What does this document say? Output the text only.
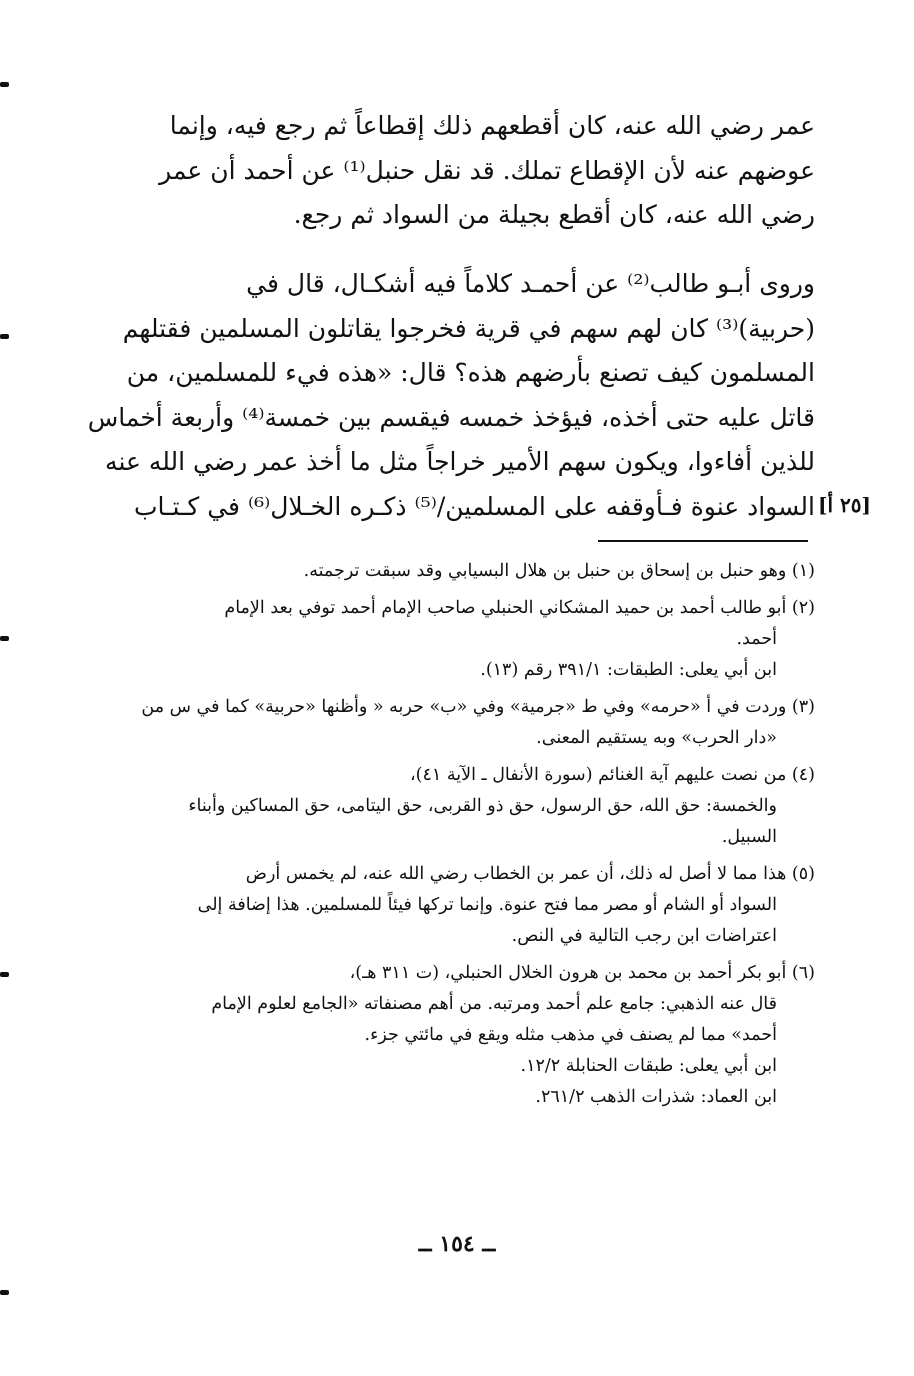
عمر رضي الله عنه، كان أقطعهم ذلك إقطاعاً ثم رجع فيه، وإنما
عوضهم عنه لأن الإقطاع تملك. قد نقل حنبل⁽¹⁾ عن أحمد أن عمر
رضي الله عنه، كان أقطع بجيلة من السواد ثم رجع.
وروى أبـو طالب⁽²⁾ عن أحمـد كلاماً فيه أشكـال، قال في
(حربية)⁽³⁾ كان لهم سهم في قرية فخرجوا يقاتلون المسلمين فقتلهم
المسلمون كيف تصنع بأرضهم هذه؟ قال: «هذه فيء للمسلمين، من
قاتل عليه حتى أخذه، فيؤخذ خمسه فيقسم بين خمسة⁽⁴⁾ وأربعة أخماس
للذين أفاءوا، ويكون سهم الأمير خراجاً مثل ما أخذ عمر رضي الله عنه
السواد عنوة فـأوقفه على المسلمين/⁽⁵⁾ ذكـره الخـلال⁽⁶⁾ في كـتـاب [٢٥ أ]
(١) وهو حنبل بن إسحاق بن حنبل بن هلال البسيابي وقد سبقت ترجمته.
(٢) أبو طالب أحمد بن حميد المشكاني الحنبلي صاحب الإمام أحمد توفي بعد الإمام
أحمد.
ابن أبي يعلى: الطبقات: ٣٩١/١ رقم (١٣).
(٣) وردت في أ «حرمه» وفي ط «جرمية» وفي «ب» حربه « وأظنها «حربية» كما في س من
«دار الحرب» وبه يستقيم المعنى.
(٤) من نصت عليهم آية الغنائم (سورة الأنفال ـ الآية ٤١)،
والخمسة: حق الله، حق الرسول، حق ذو القربى، حق اليتامى، حق المساكين وأبناء
السبيل.
(٥) هذا مما لا أصل له ذلك، أن عمر بن الخطاب رضي الله عنه، لم يخمس أرض
السواد أو الشام أو مصر مما فتح عنوة. وإنما تركها فيئاً للمسلمين. هذا إضافة إلى
اعتراضات ابن رجب التالية في النص.
(٦) أبو بكر أحمد بن محمد بن هرون الخلال الحنبلي، (ت ٣١١ هـ)،
قال عنه الذهبي: جامع علم أحمد ومرتبه. من أهم مصنفاته «الجامع لعلوم الإمام
أحمد» مما لم يصنف في مذهب مثله ويقع في مائتي جزء.
ابن أبي يعلى: طبقات الحنابلة ١٢/٢.
ابن العماد: شذرات الذهب ٢٦١/٢.
ــ ١٥٤ ــ
